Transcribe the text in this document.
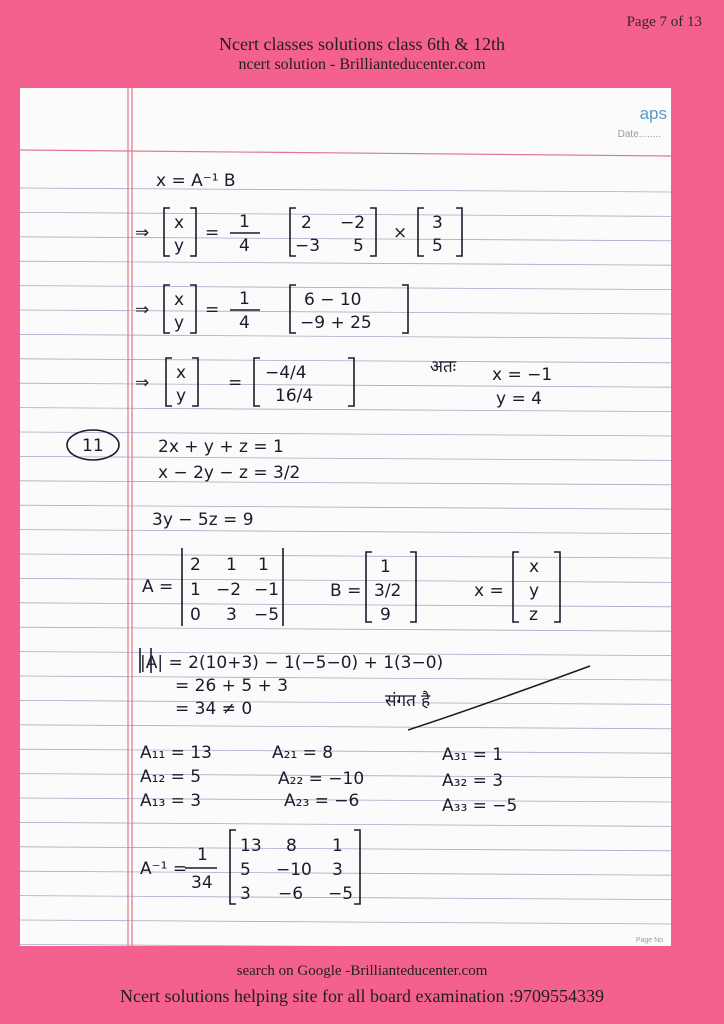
Page 7 of 13
Ncert classes solutions class 6th & 12th
ncert solution - Brillianteducenter.com
aps
Date........
Page No.
x = A⁻¹ B
⇒ x
y
=
1
4
2 −2
−3 5
× 3
5
⇒ x
y
=
1
4
6 − 10
−9 + 25
⇒ x
y
= −4/4
16/4
अतः x = −1
y = 4
11	2x + y + z = 1
x − 2y − z = 3/2
3y − 5z = 9
A =
2 1 1
1 −2 −1
0 3 −5
B =
1
3/2
9
x =
x
y
z
|A| = 2(10+3) − 1(−5−0) + 1(3−0)
= 26 + 5 + 3
= 34 ≠ 0	संगत है
A₁₁ = 13	A₂₁ = 8	A₃₁ = 1
A₁₂ = 5	A₂₂ = −10	A₃₂ = 3
A₁₃ = 3	A₂₃ = −6	A₃₃ = −5
A⁻¹ =
1
34
13 8 1
5 −10 3
3 −6 −5
search on Google -Brillianteducenter.com
Ncert solutions helping site for all board examination :9709554339
